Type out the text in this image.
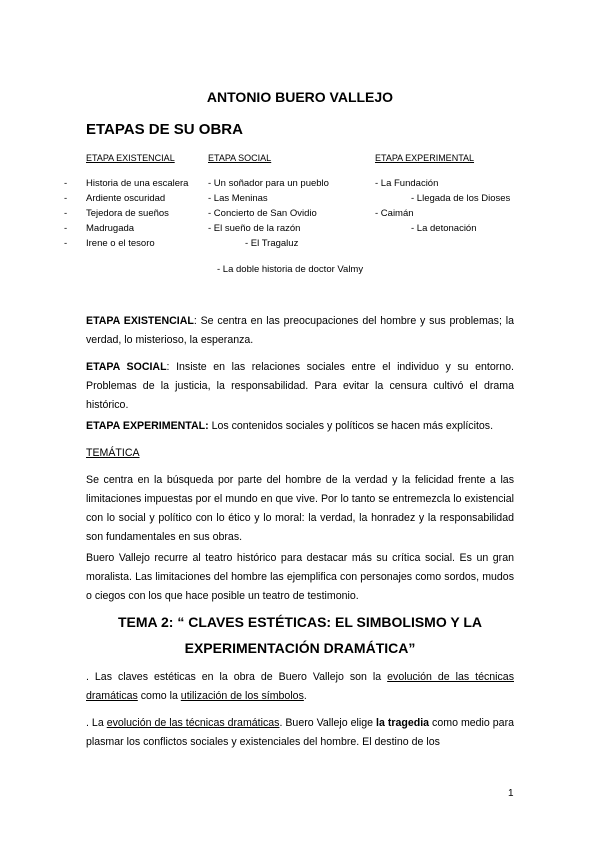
ANTONIO BUERO VALLEJO
ETAPAS DE SU OBRA
ETAPA EXISTENCIAL	ETAPA SOCIAL	ETAPA EXPERIMENTAL
-
-
-
-
-
Historia de una escalera
Ardiente oscuridad
Tejedora de sueños
Madrugada
Irene o el tesoro
- Un soñador para un pueblo
- Las Meninas
- Concierto de San Ovidio
- El sueño de la razón
- El Tragaluz
- La doble historia de doctor Valmy
- La Fundación
- Llegada de los Dioses
- Caimán
- La detonación
ETAPA EXISTENCIAL: Se centra en las preocupaciones del hombre y sus problemas; la verdad, lo misterioso, la esperanza.
ETAPA SOCIAL: Insiste en las relaciones sociales entre el individuo y su entorno. Problemas de la justicia, la responsabilidad. Para evitar la censura cultivó el drama histórico.
ETAPA EXPERIMENTAL: Los contenidos sociales y políticos se hacen más explícitos.
TEMÁTICA
Se centra en la búsqueda por parte del hombre de la verdad y la felicidad frente a las limitaciones impuestas por el mundo en que vive. Por lo tanto se entremezcla lo existencial con lo social y político con lo ético y lo moral: la verdad, la honradez y la responsabilidad son fundamentales en sus obras.
Buero Vallejo recurre al teatro histórico para destacar más su crítica social. Es un gran moralista. Las limitaciones del hombre las ejemplifica con personajes como sordos, mudos o ciegos con los que hace posible un teatro de testimonio.
TEMA 2: “ CLAVES ESTÉTICAS: EL SIMBOLISMO Y LA
EXPERIMENTACIÓN DRAMÁTICA”
. Las claves estéticas en la obra de Buero Vallejo son la evolución de las técnicas dramáticas como la utilización de los símbolos.
. La evolución de las técnicas dramáticas. Buero Vallejo elige la tragedia como medio para plasmar los conflictos sociales y existenciales del hombre. El destino de los
1
